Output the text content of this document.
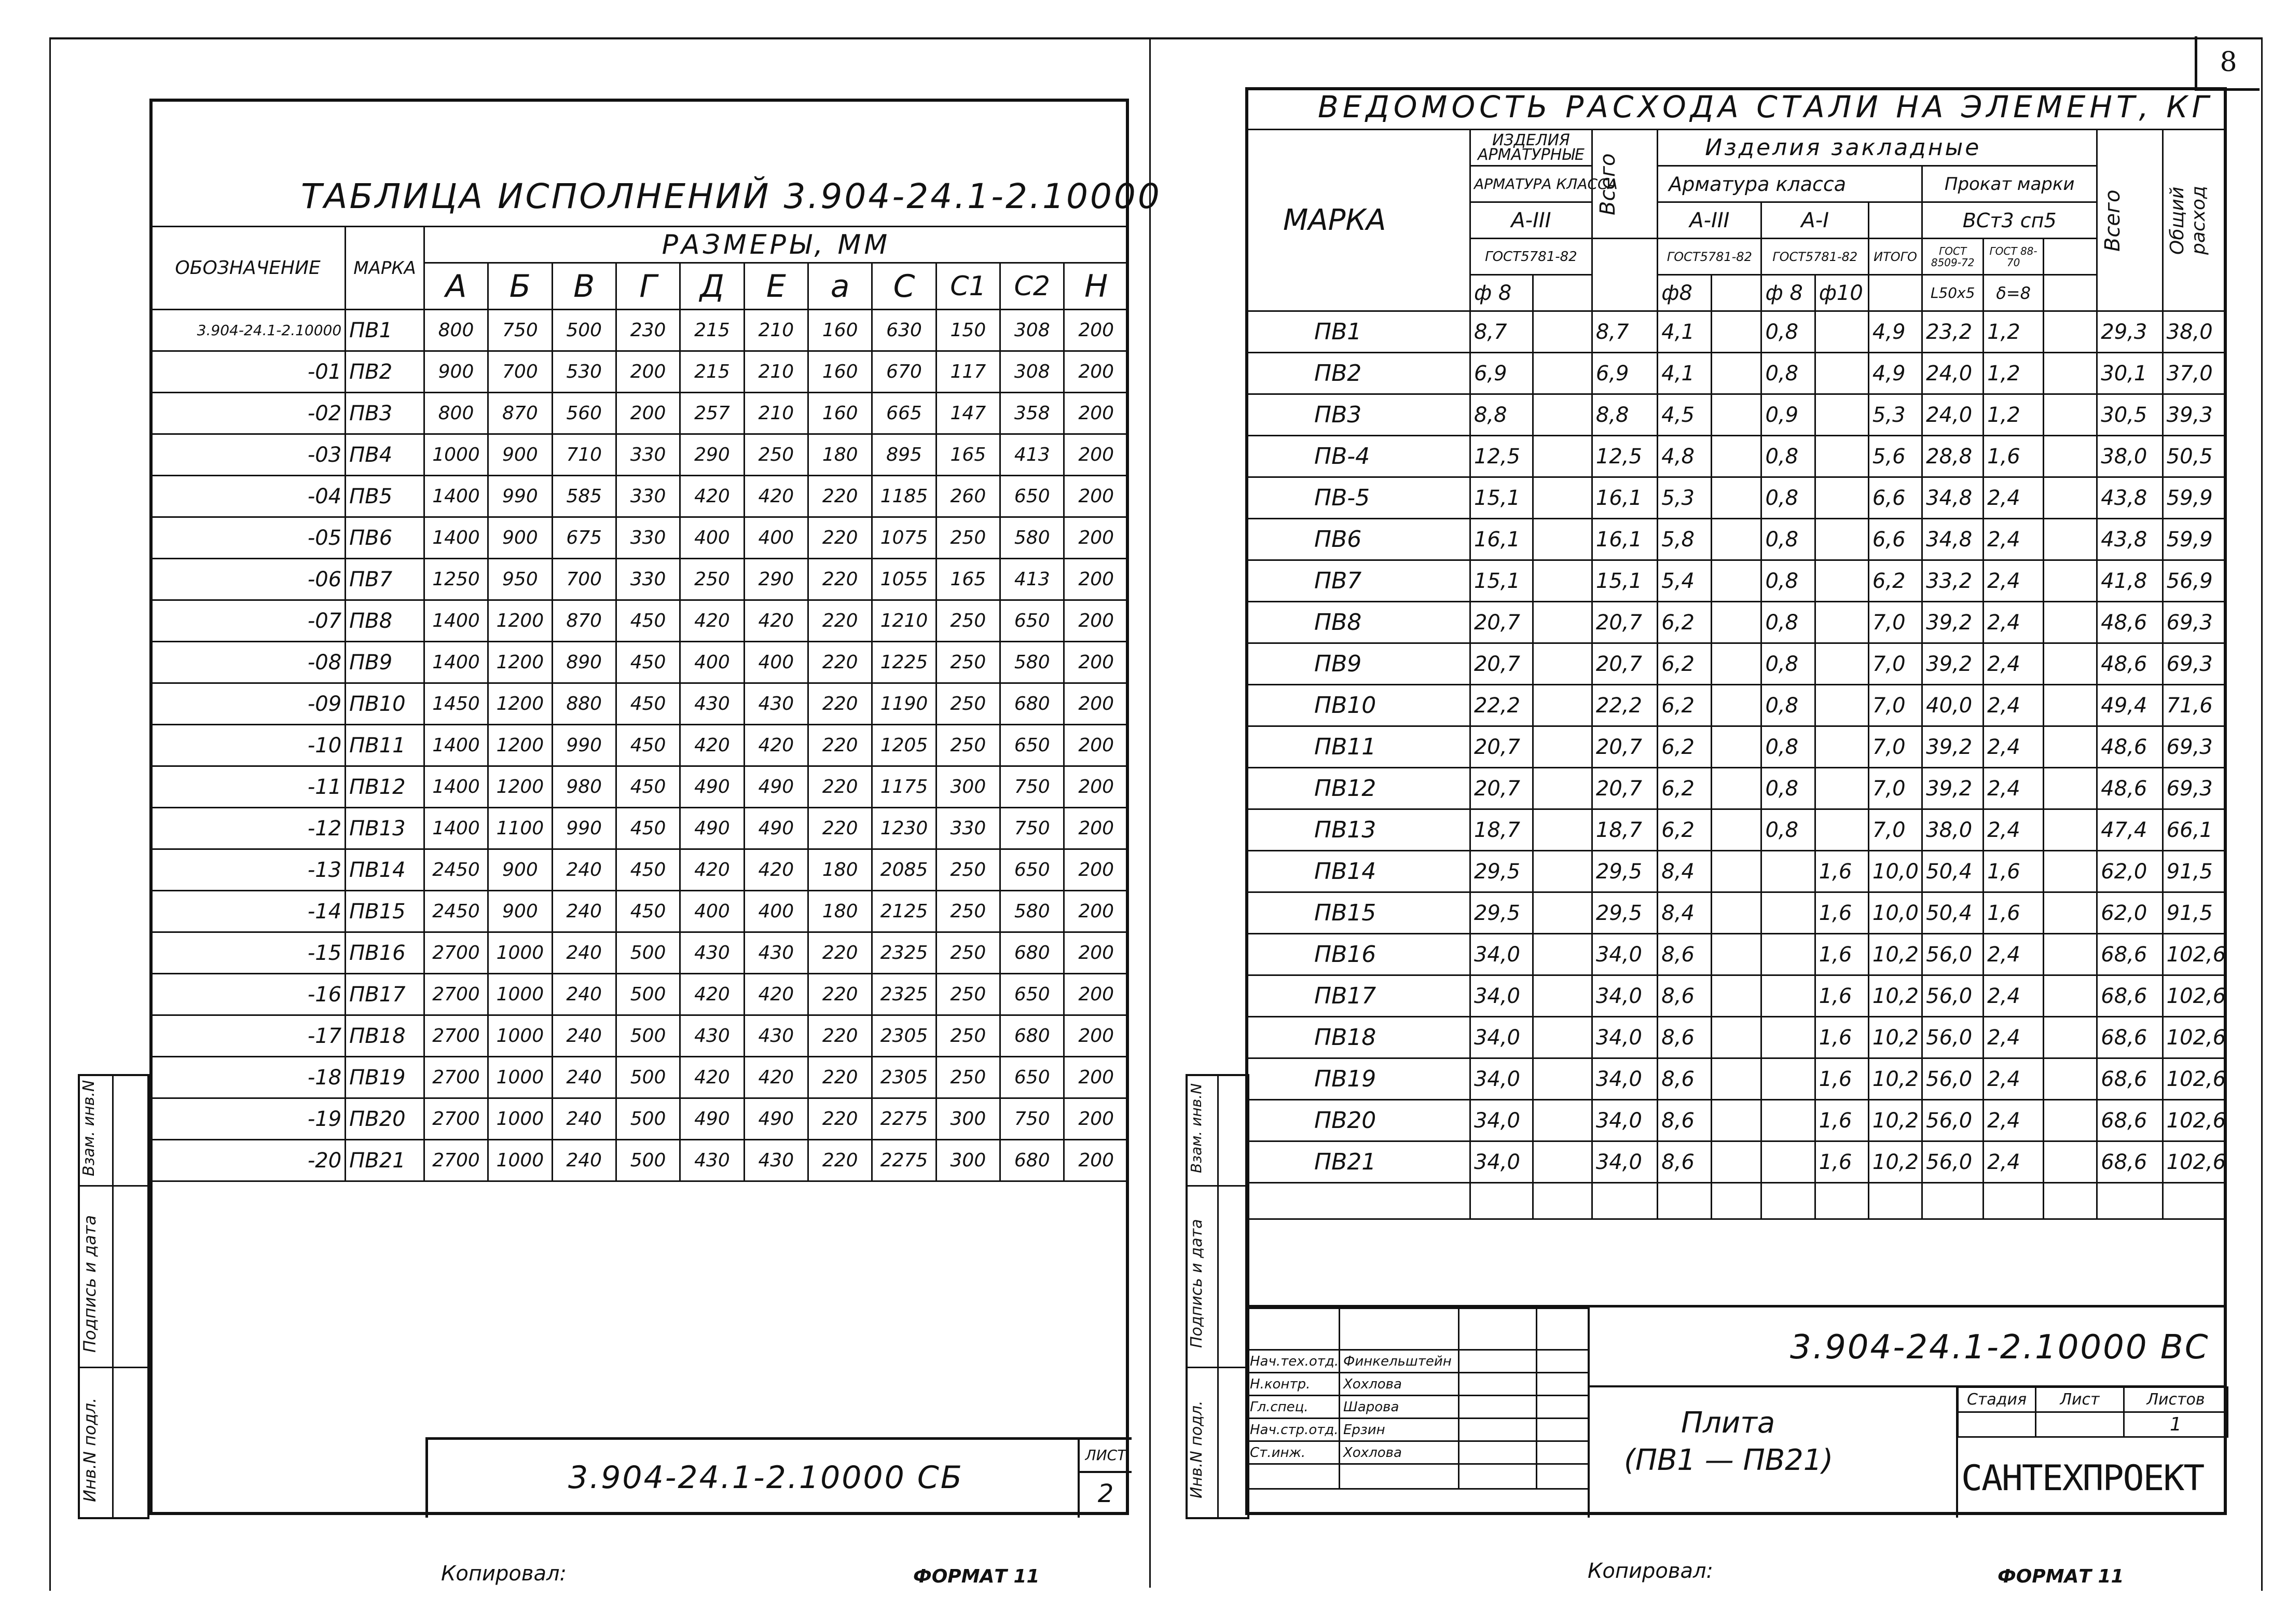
8
Инв.N подл.
Подпись и дата
Взам. инв.N
ТАБЛИЦА ИСПОЛНЕНИЙ 3.904-24.1-2.10000
ОБОЗНАЧЕНИЕ	МАРКА	РАЗМЕРЫ, ММ										
		А	Б	В	Г	Д	Е	а	С	С1	С2	Н
3.904-24.1-2.10000	ПВ1	800	750	500	230	215	210	160	630	150	308	200
-01	ПВ2	900	700	530	200	215	210	160	670	117	308	200
-02	ПВ3	800	870	560	200	257	210	160	665	147	358	200
-03	ПВ4	1000	900	710	330	290	250	180	895	165	413	200
-04	ПВ5	1400	990	585	330	420	420	220	1185	260	650	200
-05	ПВ6	1400	900	675	330	400	400	220	1075	250	580	200
-06	ПВ7	1250	950	700	330	250	290	220	1055	165	413	200
-07	ПВ8	1400	1200	870	450	420	420	220	1210	250	650	200
-08	ПВ9	1400	1200	890	450	400	400	220	1225	250	580	200
-09	ПВ10	1450	1200	880	450	430	430	220	1190	250	680	200
-10	ПВ11	1400	1200	990	450	420	420	220	1205	250	650	200
-11	ПВ12	1400	1200	980	450	490	490	220	1175	300	750	200
-12	ПВ13	1400	1100	990	450	490	490	220	1230	330	750	200
-13	ПВ14	2450	900	240	450	420	420	180	2085	250	650	200
-14	ПВ15	2450	900	240	450	400	400	180	2125	250	580	200
-15	ПВ16	2700	1000	240	500	430	430	220	2325	250	680	200
-16	ПВ17	2700	1000	240	500	420	420	220	2325	250	650	200
-17	ПВ18	2700	1000	240	500	430	430	220	2305	250	680	200
-18	ПВ19	2700	1000	240	500	420	420	220	2305	250	650	200
-19	ПВ20	2700	1000	240	500	490	490	220	2275	300	750	200
-20	ПВ21	2700	1000	240	500	430	430	220	2275	300	680	200
3.904-24.1-2.10000 СБ
ЛИСТ
2
Копировал:	ФОРМАТ 11
Инв.N подл.
Подпись и дата
Взам. инв.N
ВЕДОМОСТЬ РАСХОДА СТАЛИ НА ЭЛЕМЕНТ, КГ
МАРКА	ИЗДЕЛИЯ АРМАТУРНЫЕ		Всего	Изделия закладные								Всего	Общий расход

	АРМАТУРА КЛАССА			Арматура класса					Прокат марки				
	А-III			А-III		А-I			ВСт3 сп5				
	ГОСТ5781-82			ГОСТ5781-82		ГОСТ5781-82		ИТОГО	ГОСТ 8509-72	ГОСТ 88-70			
	ф 8			ф8		ф 8	ф10		L50х5	δ=8			
ПВ1	8,7		8,7	4,1		0,8		4,9	23,2	1,2		29,3	38,0
ПВ2	6,9		6,9	4,1		0,8		4,9	24,0	1,2		30,1	37,0
ПВ3	8,8		8,8	4,5		0,9		5,3	24,0	1,2		30,5	39,3
ПВ-4	12,5		12,5	4,8		0,8		5,6	28,8	1,6		38,0	50,5
ПВ-5	15,1		16,1	5,3		0,8		6,6	34,8	2,4		43,8	59,9
ПВ6	16,1		16,1	5,8		0,8		6,6	34,8	2,4		43,8	59,9
ПВ7	15,1		15,1	5,4		0,8		6,2	33,2	2,4		41,8	56,9
ПВ8	20,7		20,7	6,2		0,8		7,0	39,2	2,4		48,6	69,3
ПВ9	20,7		20,7	6,2		0,8		7,0	39,2	2,4		48,6	69,3
ПВ10	22,2		22,2	6,2		0,8		7,0	40,0	2,4		49,4	71,6
ПВ11	20,7		20,7	6,2		0,8		7,0	39,2	2,4		48,6	69,3
ПВ12	20,7		20,7	6,2		0,8		7,0	39,2	2,4		48,6	69,3
ПВ13	18,7		18,7	6,2		0,8		7,0	38,0	2,4		47,4	66,1
ПВ14	29,5		29,5	8,4			1,6	10,0	50,4	1,6		62,0	91,5
ПВ15	29,5		29,5	8,4			1,6	10,0	50,4	1,6		62,0	91,5
ПВ16	34,0		34,0	8,6			1,6	10,2	56,0	2,4		68,6	102,6
ПВ17	34,0		34,0	8,6			1,6	10,2	56,0	2,4		68,6	102,6
ПВ18	34,0		34,0	8,6			1,6	10,2	56,0	2,4		68,6	102,6
ПВ19	34,0		34,0	8,6			1,6	10,2	56,0	2,4		68,6	102,6
ПВ20	34,0		34,0	8,6			1,6	10,2	56,0	2,4		68,6	102,6
ПВ21	34,0		34,0	8,6			1,6	10,2	56,0	2,4		68,6	102,6

Нач.тех.отд.	Финкельштейн		
Н.контр.	Хохлова		
Гл.спец.	Шарова		
Нач.стр.отд.	Ерзин		
Ст.инж.	Хохлова		

3.904-24.1-2.10000 ВС
Плита
(ПВ1 — ПВ21)
Стадия	Лист	Листов
		1
САНТЕХПРОЕКТ
Копировал:	ФОРМАТ 11
